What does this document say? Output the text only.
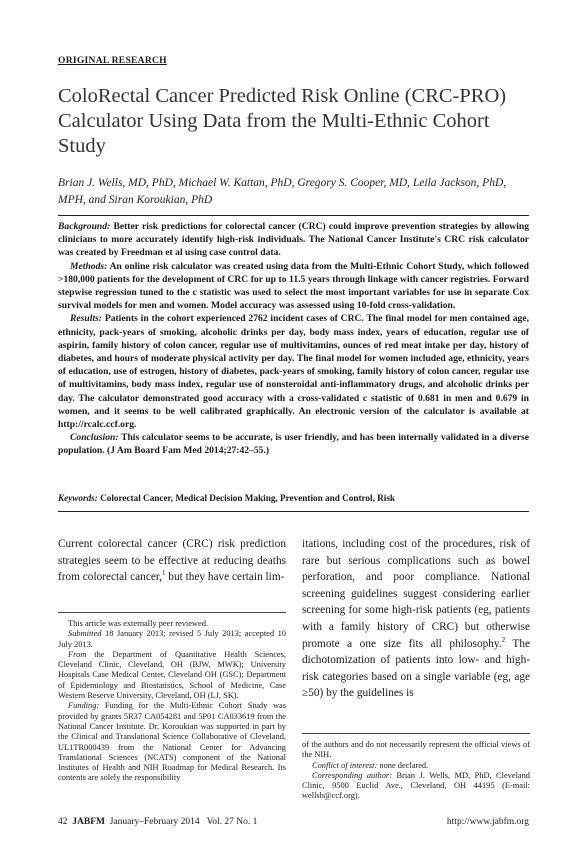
ORIGINAL RESEARCH
ColoRectal Cancer Predicted Risk Online (CRC-PRO) Calculator Using Data from the Multi-Ethnic Cohort Study
Brian J. Wells, MD, PhD, Michael W. Kattan, PhD, Gregory S. Cooper, MD, Leila Jackson, PhD, MPH, and Siran Koroukian, PhD

Background: Better risk predictions for colorectal cancer (CRC) could improve prevention strategies by allowing clinicians to more accurately identify high-risk individuals. The National Cancer Institute's CRC risk calculator was created by Freedman et al using case control data.

Methods: An online risk calculator was created using data from the Multi-Ethnic Cohort Study, which followed >180,000 patients for the development of CRC for up to 11.5 years through linkage with cancer registries. Forward stepwise regression tuned to the c statistic was used to select the most important variables for use in separate Cox survival models for men and women. Model accuracy was assessed using 10-fold cross-validation.

Results: Patients in the cohort experienced 2762 incident cases of CRC. The final model for men contained age, ethnicity, pack-years of smoking, alcoholic drinks per day, body mass index, years of education, regular use of aspirin, family history of colon cancer, regular use of multivitamins, ounces of red meat intake per day, history of diabetes, and hours of moderate physical activity per day. The final model for women included age, ethnicity, years of education, use of estrogen, history of diabetes, pack-years of smoking, family history of colon cancer, regular use of multivitamins, body mass index, regular use of nonsteroidal anti-inflammatory drugs, and alcoholic drinks per day. The calculator demonstrated good accuracy with a cross-validated c statistic of 0.681 in men and 0.679 in women, and it seems to be well calibrated graphically. An electronic version of the calculator is available at http://rcalc.ccf.org.

Conclusion: This calculator seems to be accurate, is user friendly, and has been internally validated in a diverse population. (J Am Board Fam Med 2014;27:42–55.)

Keywords: Colorectal Cancer, Medical Decision Making, Prevention and Control, Risk

Current colorectal cancer (CRC) risk prediction strategies seem to be effective at reducing deaths from colorectal cancer,$^1$ but they have certain lim-

itations, including cost of the procedures, risk of rare but serious complications such as bowel perforation, and poor compliance. National screening guidelines suggest considering earlier screening for some high-risk patients (eg, patients with a family history of CRC) but otherwise promote a one size fits all philosophy.$^2$ The dichotomization of patients into low- and high-risk categories based on a single variable (eg, age ≥50) by the guidelines is

This article was externally peer reviewed.

Submitted 18 January 2013; revised 5 July 2013; accepted 10 July 2013.

From the Department of Quantitative Health Sciences, Cleveland Clinic, Cleveland, OH (BJW, MWK); University Hospitals Case Medical Center, Cleveland OH (GSC); Department of Epidemiology and Biostatistics, School of Medicine, Case Western Reserve University, Cleveland, OH (LJ, SK).

Funding: Funding for the Multi-Ethnic Cohort Study was provided by grants 5R37 CA054281 and 5P01 CA033619 from the National Cancer Institute. Dr. Koroukian was supported in part by the Clinical and Translational Science Collaborative of Cleveland, UL1TR000439 from the National Center for Advancing Translational Sciences (NCATS) component of the National Institutes of Health and NIH Roadmap for Medical Research. Its contents are solely the responsibility

of the authors and do not necessarily represent the official views of the NIH.

Conflict of interest: none declared.

Corresponding author: Brian J. Wells, MD, PhD, Cleveland Clinic, 9500 Euclid Ave., Cleveland, OH 44195 (E-mail: wellsb@ccf.org).

42 JABFM January–February 2014   Vol. 27 No. 1	http://www.jabfm.org
